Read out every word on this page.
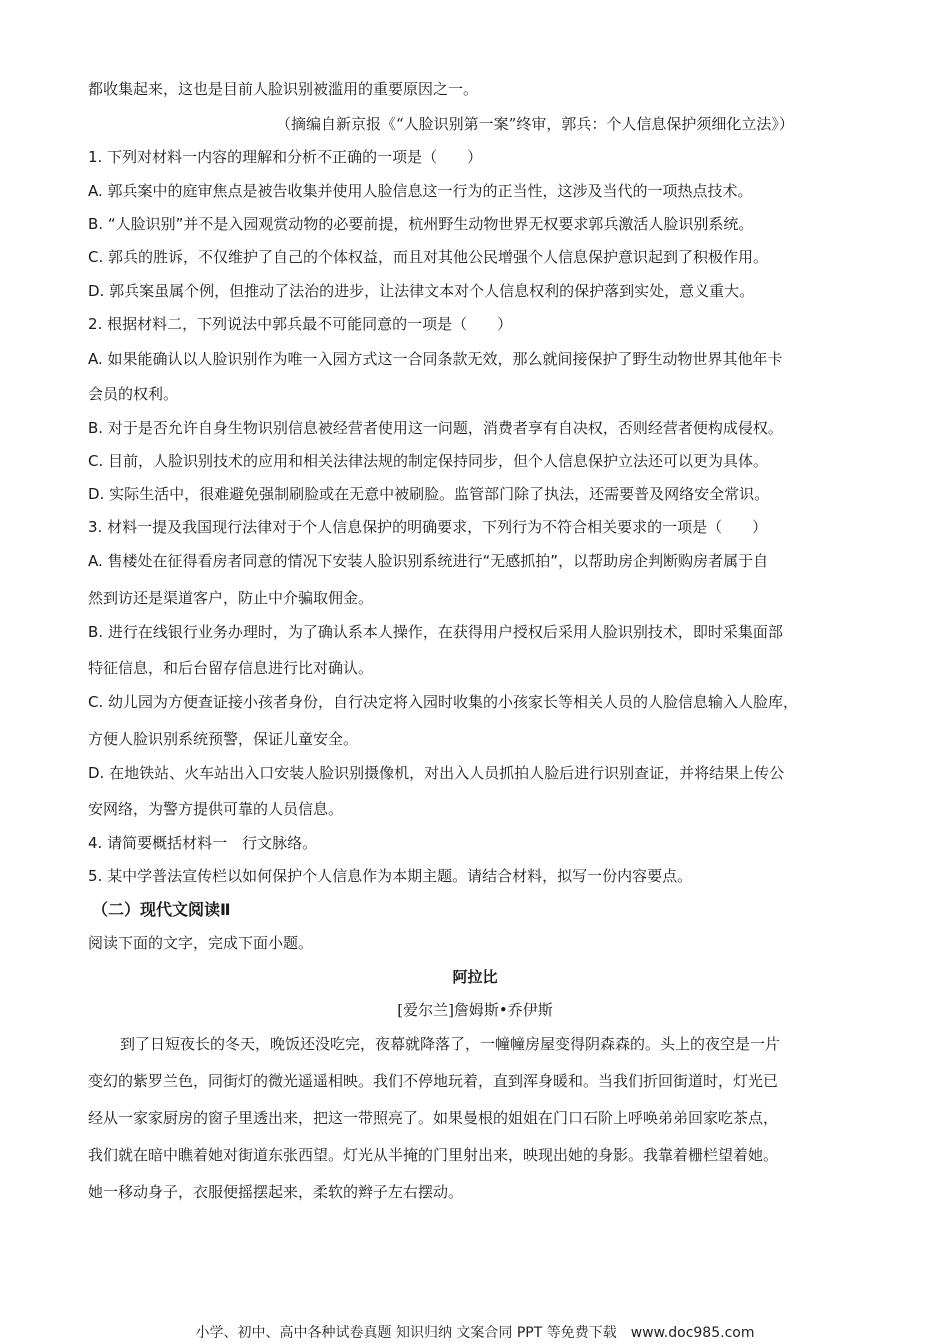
都收集起来，这也是目前人脸识别被滥用的重要原因之一。
（摘编自新京报《“人脸识别第一案”终审，郭兵：个人信息保护须细化立法》）
1. 下列对材料一内容的理解和分析不正确的一项是（　　）
A. 郭兵案中的庭审焦点是被告收集并使用人脸信息这一行为的正当性，这涉及当代的一项热点技术。
B. “人脸识别”并不是入园观赏动物的必要前提，杭州野生动物世界无权要求郭兵激活人脸识别系统。
C. 郭兵的胜诉，不仅维护了自己的个体权益，而且对其他公民增强个人信息保护意识起到了积极作用。
D. 郭兵案虽属个例，但推动了法治的进步，让法律文本对个人信息权利的保护落到实处，意义重大。
2. 根据材料二，下列说法中郭兵最不可能同意的一项是（　　）
A. 如果能确认以人脸识别作为唯一入园方式这一合同条款无效，那么就间接保护了野生动物世界其他年卡
会员的权利。
B. 对于是否允许自身生物识别信息被经营者使用这一问题，消费者享有自决权，否则经营者便构成侵权。
C. 目前，人脸识别技术的应用和相关法律法规的制定保持同步，但个人信息保护立法还可以更为具体。
D. 实际生活中，很难避免强制刷脸或在无意中被刷脸。监管部门除了执法，还需要普及网络安全常识。
3. 材料一提及我国现行法律对于个人信息保护的明确要求，下列行为不符合相关要求的一项是（　　）
A. 售楼处在征得看房者同意的情况下安装人脸识别系统进行“无感抓拍”，以帮助房企判断购房者属于自
然到访还是渠道客户，防止中介骗取佣金。
B. 进行在线银行业务办理时，为了确认系本人操作，在获得用户授权后采用人脸识别技术，即时采集面部
特征信息，和后台留存信息进行比对确认。
C. 幼儿园为方便查证接小孩者身份，自行决定将入园时收集的小孩家长等相关人员的人脸信息输入人脸库，
方便人脸识别系统预警，保证儿童安全。
D. 在地铁站、火车站出入口安装人脸识别摄像机，对出入人员抓拍人脸后进行识别查证，并将结果上传公
安网络，为警方提供可靠的人员信息。
4. 请简要概括材料一　行文脉络。
5. 某中学普法宣传栏以如何保护个人信息作为本期主题。请结合材料，拟写一份内容要点。
（二）现代文阅读Ⅱ
阅读下面的文字，完成下面小题。
阿拉比
[爱尔兰]詹姆斯•乔伊斯
到了日短夜长的冬天，晚饭还没吃完，夜幕就降落了，一幢幢房屋变得阴森森的。头上的夜空是一片
变幻的紫罗兰色，同街灯的微光遥遥相映。我们不停地玩着，直到浑身暖和。当我们折回街道时，灯光已
经从一家家厨房的窗子里透出来，把这一带照亮了。如果曼根的姐姐在门口石阶上呼唤弟弟回家吃茶点，
我们就在暗中瞧着她对街道东张西望。灯光从半掩的门里射出来，映现出她的身影。我靠着栅栏望着她。
她一移动身子，衣服便摇摆起来，柔软的辫子左右摆动。
小学、初中、高中各种试卷真题 知识归纳 文案合同 PPT 等免费下载　www.doc985.com
